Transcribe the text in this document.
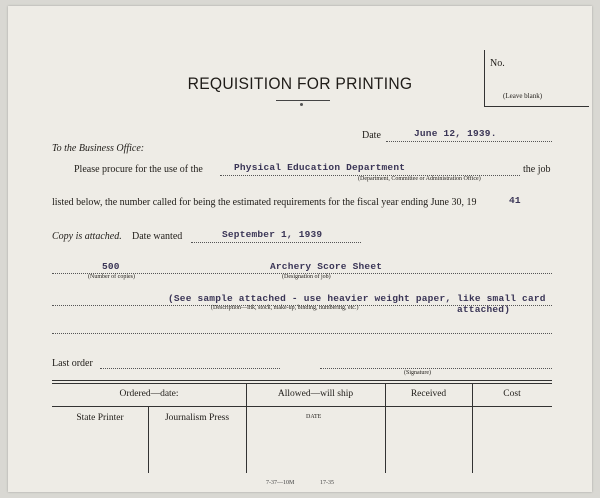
REQUISITION FOR PRINTING
No.
(Leave blank)
Date	June 12, 1939.
To the Business Office:
Please procure for the use of the	Physical Education Department
(Department, Committee or Administration Office)
the job
listed below, the number called for being the estimated requirements for the fiscal year ending June 30, 19	41
Copy is attached. Date wanted	September 1, 1939
500
(Number of copies)
Archery Score Sheet
(Designation of job)
(See sample attached - use heavier weight paper, like small card
(Description—Ink, stock, make-up, binding, numbering, etc.)	attached)
Last order
(Signature)
Ordered—date:	Allowed—will ship	Received	Cost
State Printer	Journalism Press	DATE
7-37—10M	17-35
